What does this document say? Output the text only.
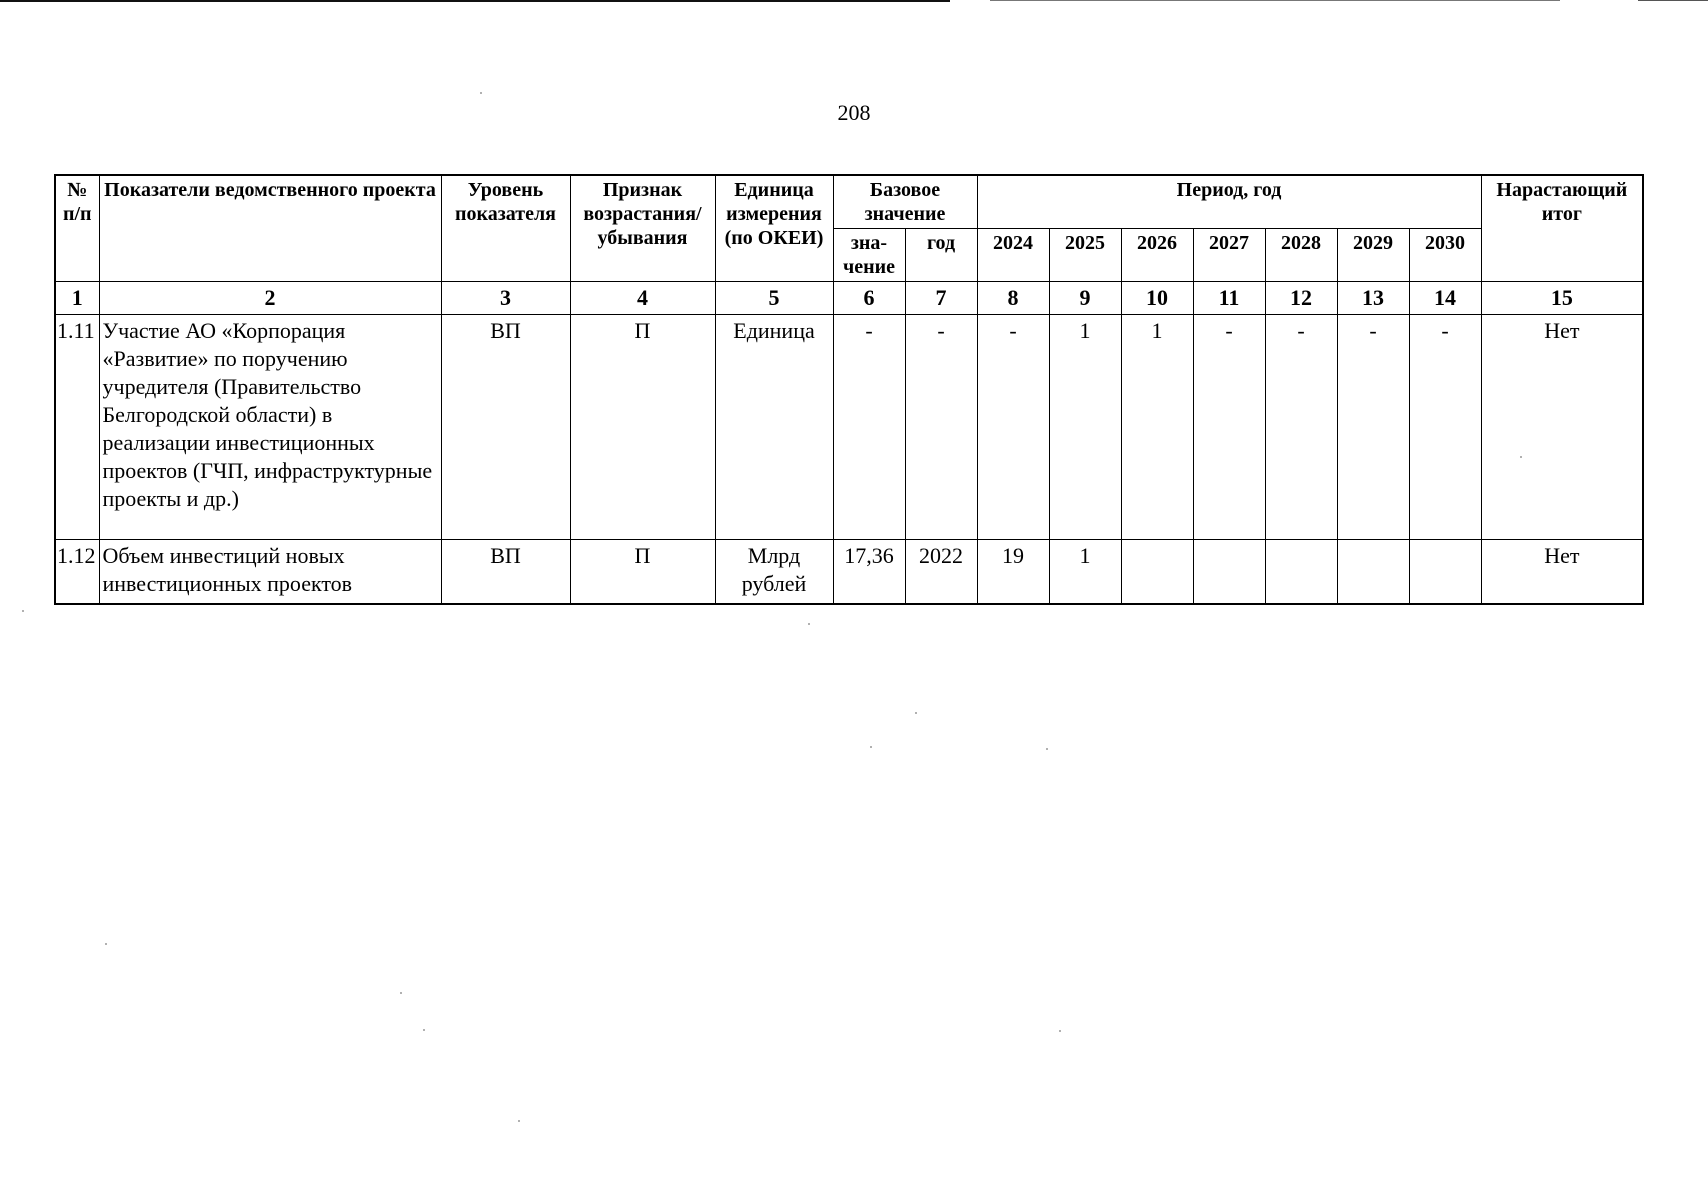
208
№ п/п	Показатели ведомственного проекта	Уровень показателя	Признак возрастания/ убывания	Единица измерения (по ОКЕИ)	Базовое значение		Период, год							Нарастающий итог
					зна-чение	год	2024	2025	2026	2027	2028	2029	2030	
1	2	3	4	5	6	7	8	9	10	11	12	13	14	15
1.11	Участие АО «Корпорация «Развитие» по поручению учредителя (Правительство Белгородской области) в реализации инвестиционных проектов (ГЧП, инфраструктурные проекты и др.)	ВП	П	Единица	-	-	-	1	1	-	-	-	-	Нет
1.12	Объем инвестиций новых инвестиционных проектов	ВП	П	Млрд рублей	17,36	2022	19	1						Нет
